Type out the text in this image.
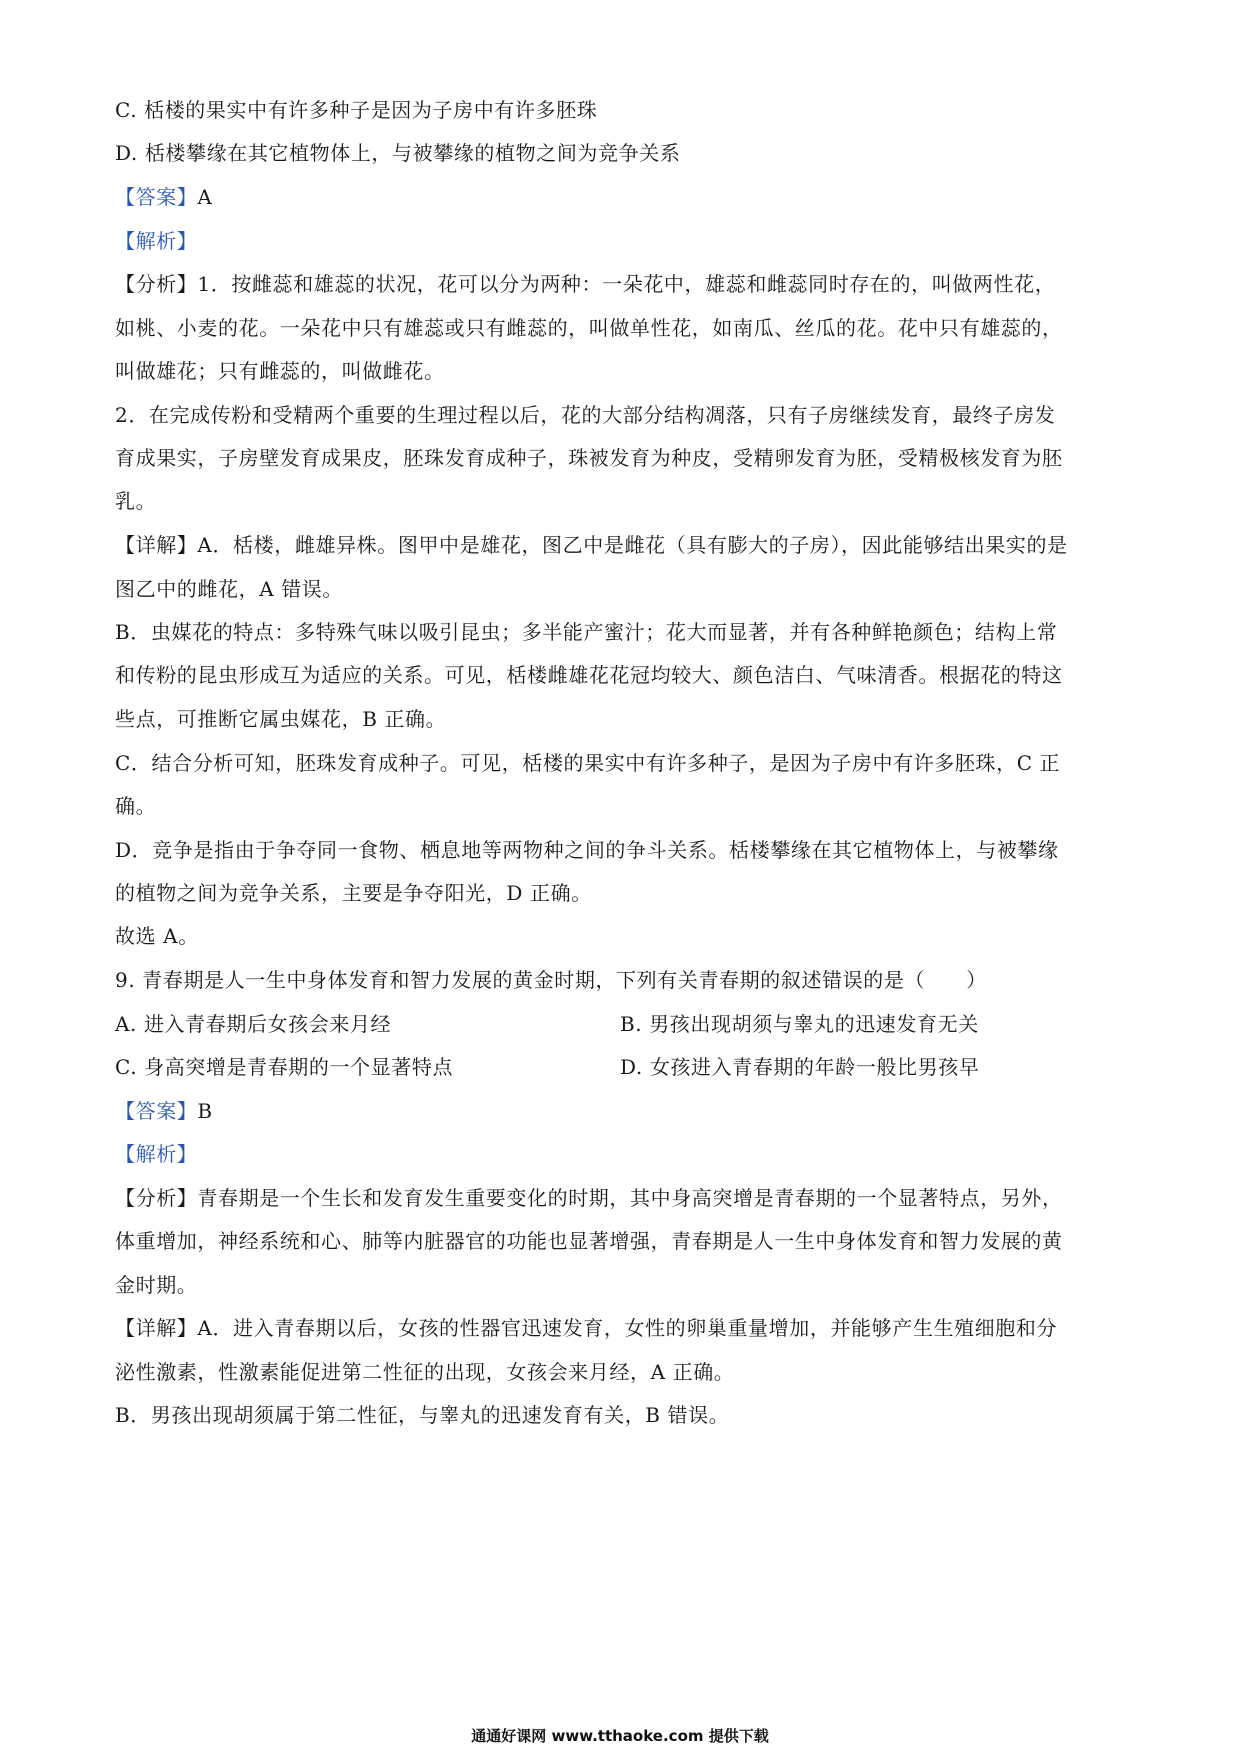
C. 栝楼的果实中有许多种子是因为子房中有许多胚珠
D. 栝楼攀缘在其它植物体上，与被攀缘的植物之间为竞争关系
【答案】A
【解析】
【分析】1．按雌蕊和雄蕊的状况，花可以分为两种：一朵花中，雄蕊和雌蕊同时存在的，叫做两性花，
如桃、小麦的花。一朵花中只有雄蕊或只有雌蕊的，叫做单性花，如南瓜、丝瓜的花。花中只有雄蕊的，
叫做雄花；只有雌蕊的，叫做雌花。
2．在完成传粉和受精两个重要的生理过程以后，花的大部分结构凋落，只有子房继续发育，最终子房发
育成果实，子房壁发育成果皮，胚珠发育成种子，珠被发育为种皮，受精卵发育为胚，受精极核发育为胚
乳。
【详解】A．栝楼，雌雄异株。图甲中是雄花，图乙中是雌花（具有膨大的子房），因此能够结出果实的是
图乙中的雌花，A 错误。
B．虫媒花的特点：多特殊气味以吸引昆虫；多半能产蜜汁；花大而显著，并有各种鲜艳颜色；结构上常
和传粉的昆虫形成互为适应的关系。可见，栝楼雌雄花花冠均较大、颜色洁白、气味清香。根据花的特这
些点，可推断它属虫媒花，B 正确。
C．结合分析可知，胚珠发育成种子。可见，栝楼的果实中有许多种子，是因为子房中有许多胚珠，C 正
确。
D．竞争是指由于争夺同一食物、栖息地等两物种之间的争斗关系。栝楼攀缘在其它植物体上，与被攀缘
的植物之间为竞争关系，主要是争夺阳光，D 正确。
故选 A。
9. 青春期是人一生中身体发育和智力发展的黄金时期，下列有关青春期的叙述错误的是（　　）
A. 进入青春期后女孩会来月经	B. 男孩出现胡须与睾丸的迅速发育无关
C. 身高突增是青春期的一个显著特点	D. 女孩进入青春期的年龄一般比男孩早
【答案】B
【解析】
【分析】青春期是一个生长和发育发生重要变化的时期，其中身高突增是青春期的一个显著特点，另外，
体重增加，神经系统和心、肺等内脏器官的功能也显著增强，青春期是人一生中身体发育和智力发展的黄
金时期。
【详解】A．进入青春期以后，女孩的性器官迅速发育，女性的卵巢重量增加，并能够产生生殖细胞和分
泌性激素，性激素能促进第二性征的出现，女孩会来月经，A 正确。
B．男孩出现胡须属于第二性征，与睾丸的迅速发育有关，B 错误。
通通好课网 www.tthaoke.com 提供下载
